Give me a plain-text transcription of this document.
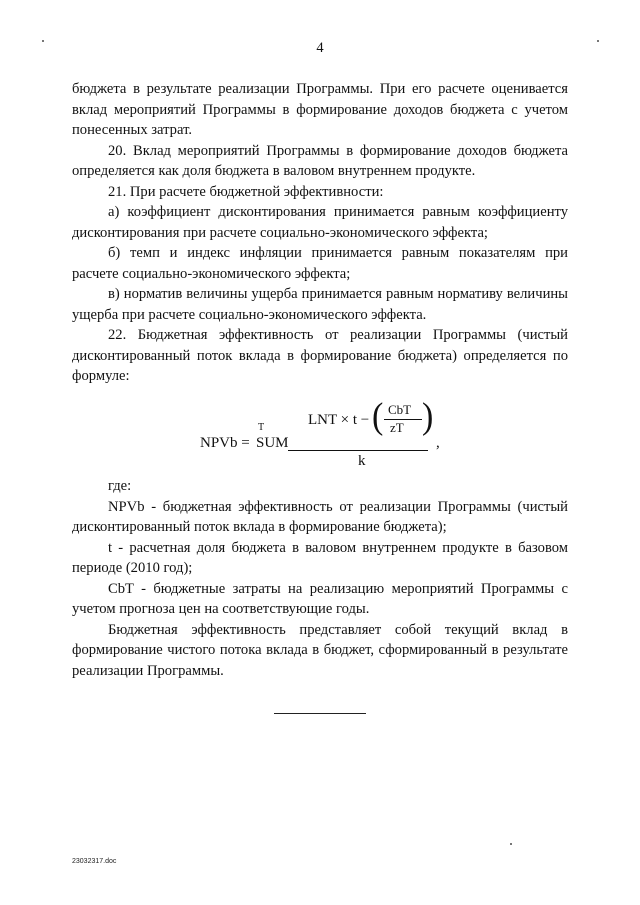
4

бюджета в результате реализации Программы. При его расчете оценивается вклад мероприятий Программы в формирование доходов бюджета с учетом понесенных затрат.

20. Вклад мероприятий Программы в формирование доходов бюджета определяется как доля бюджета в валовом внутреннем продукте.

21. При расчете бюджетной эффективности:

а) коэффициент дисконтирования принимается равным коэффициенту дисконтирования при расчете социально-экономического эффекта;

б) темп и индекс инфляции принимается равным показателям при расчете социально-экономического эффекта;

в) норматив величины ущерба принимается равным нормативу величины ущерба при расчете социально-экономического эффекта.

22. Бюджетная эффективность от реализации Программы (чистый дисконтированный поток вклада в формирование бюджета) определяется по формуле:

NPVb =
T
SUM
LNT × t − ( CbT
zT )
k
,

где:

NPVb - бюджетная эффективность от реализации Программы (чистый дисконтированный поток вклада в формирование бюджета);

t - расчетная доля бюджета в валовом внутреннем продукте в базовом периоде (2010 год);

CbT - бюджетные затраты на реализацию мероприятий Программы с учетом прогноза цен на соответствующие годы.

Бюджетная эффективность представляет собой текущий вклад в формирование чистого потока вклада в бюджет, сформированный в результате реализации Программы.

23032317.doc
